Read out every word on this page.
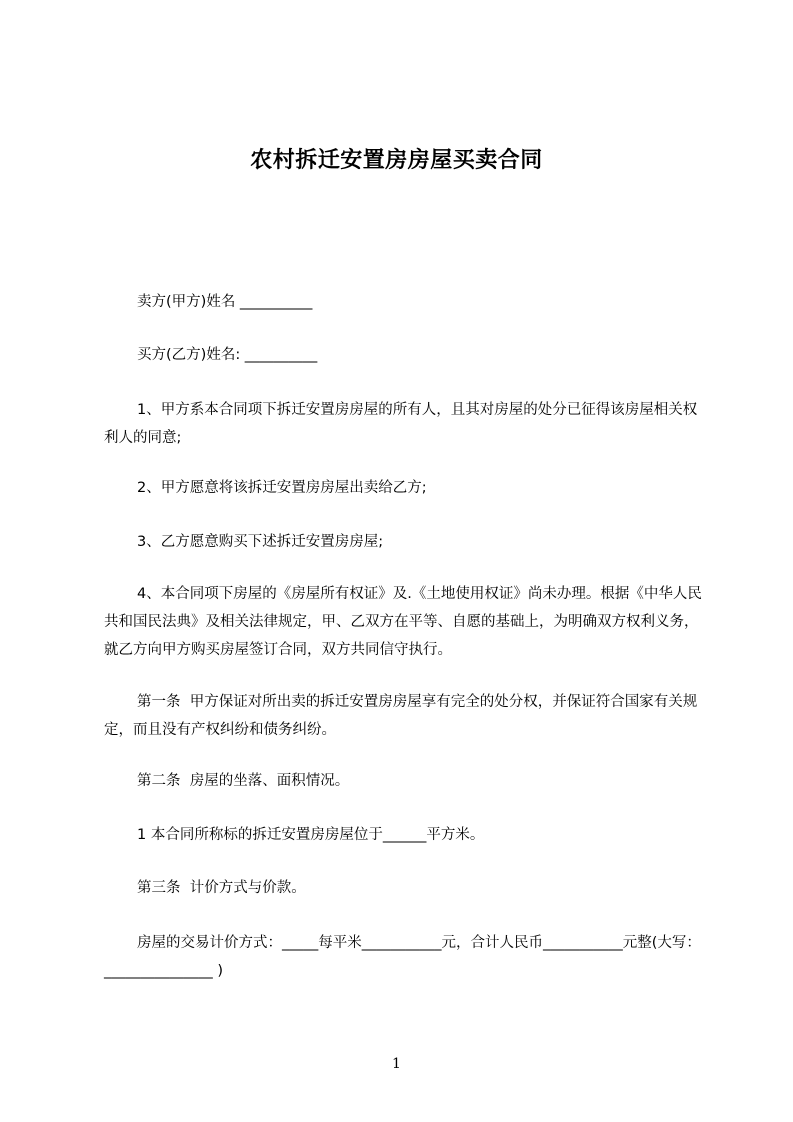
农村拆迁安置房房屋买卖合同
卖方(甲方)姓名 __________
买方(乙方)姓名: __________
1、甲方系本合同项下拆迁安置房房屋的所有人，且其对房屋的处分已征得该房屋相关权利人的同意;
2、甲方愿意将该拆迁安置房房屋出卖给乙方;
3、乙方愿意购买下述拆迁安置房房屋;
4、本合同项下房屋的《房屋所有权证》及.《土地使用权证》尚未办理。根据《中华人民共和国民法典》及相关法律规定，甲、乙双方在平等、自愿的基础上，为明确双方权利义务，就乙方向甲方购买房屋签订合同，双方共同信守执行。
第一条  甲方保证对所出卖的拆迁安置房房屋享有完全的处分权，并保证符合国家有关规定，而且没有产权纠纷和债务纠纷。
第二条  房屋的坐落、面积情况。
1 本合同所称标的拆迁安置房房屋位于______平方米。
第三条  计价方式与价款。
房屋的交易计价方式：_____每平米___________元，合计人民币___________元整(大写：_______________ )
1
